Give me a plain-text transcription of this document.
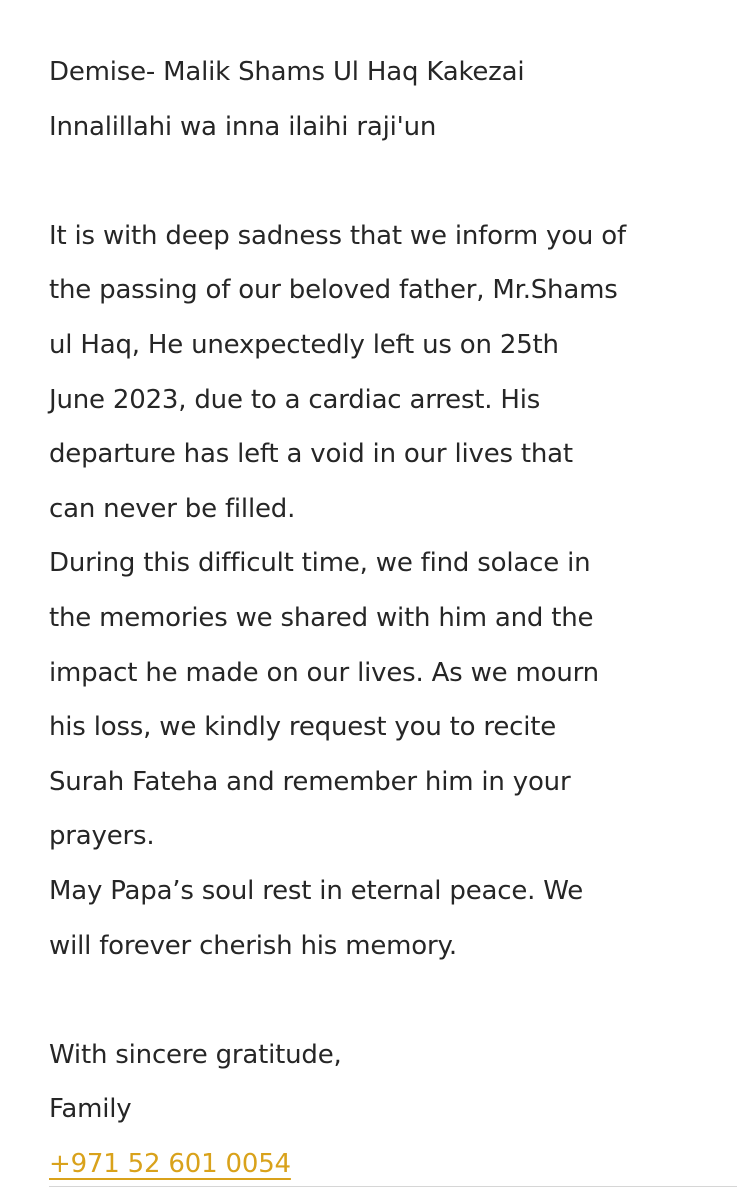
Demise- Malik Shams Ul Haq Kakezai
Innalillahi wa inna ilaihi raji'un
It is with deep sadness that we inform you of
the passing of our beloved father, Mr.Shams
ul Haq, He unexpectedly left us on 25th
June 2023, due to a cardiac arrest. His
departure has left a void in our lives that
can never be filled.
During this difficult time, we find solace in
the memories we shared with him and the
impact he made on our lives. As we mourn
his loss, we kindly request you to recite
Surah Fateha and remember him in your
prayers.
May Papa’s soul rest in eternal peace. We
will forever cherish his memory.
With sincere gratitude,
Family
+971 52 601 0054
